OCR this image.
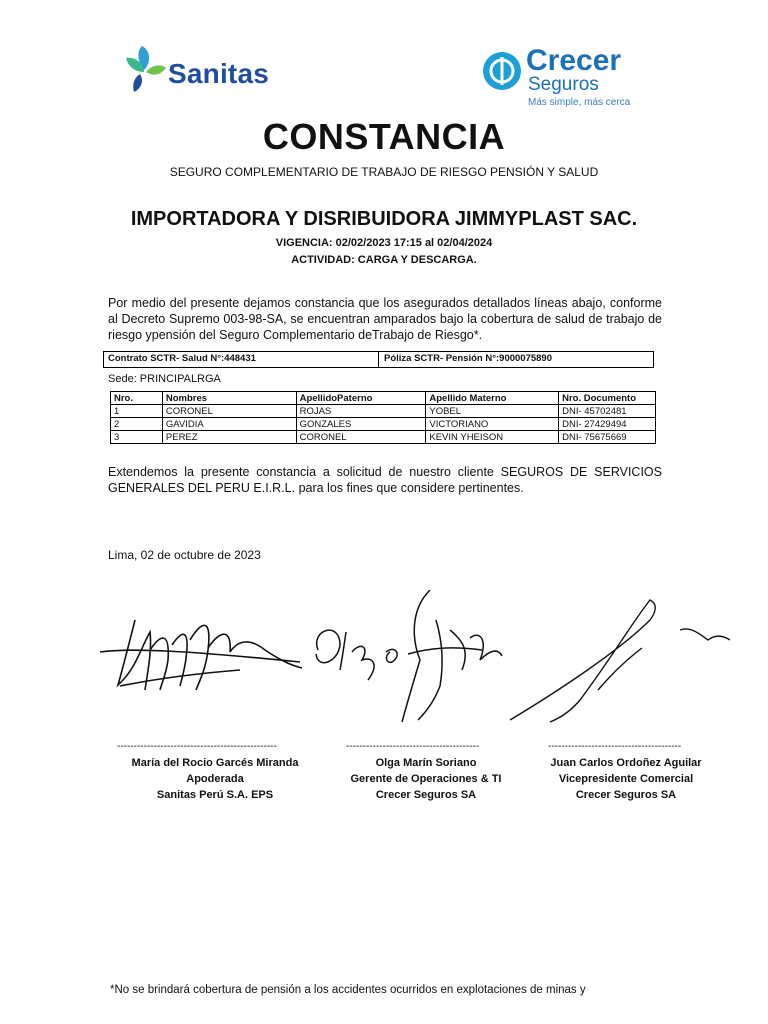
Sanitas	Crecer
Seguros
Más simple, más cerca
CONSTANCIA
SEGURO COMPLEMENTARIO DE TRABAJO DE RIESGO PENSIÓN Y SALUD
IMPORTADORA Y DISRIBUIDORA JIMMYPLAST SAC.
VIGENCIA: 02/02/2023 17:15 al 02/04/2024
ACTIVIDAD: CARGA Y DESCARGA.
Por medio del presente dejamos constancia que los asegurados detallados líneas abajo, conforme al Decreto Supremo 003-98-SA, se encuentran amparados bajo la cobertura de salud de trabajo de riesgo ypensión del Seguro Complementario deTrabajo de Riesgo*.
Contrato SCTR- Salud N°:448431	Póliza SCTR- Pensión N°:9000075890
Sede: PRINCIPALRGA
Nro.	Nombres	ApellidoPaterno	Apellido Materno	Nro. Documento
1	CORONEL	ROJAS	YOBEL	DNI- 45702481
2	GAVIDIA	GONZALES	VICTORIANO	DNI- 27429494
3	PEREZ	CORONEL	KEVIN YHEISON	DNI- 75675669
Extendemos la presente constancia a solicitud de nuestro cliente SEGUROS DE SERVICIOS GENERALES DEL PERU E.I.R.L. para los fines que considere pertinentes.
Lima, 02 de octubre de 2023
------------------------------------------------	----------------------------------------	----------------------------------------
María del Rocio Garcés Miranda
Apoderada
Sanitas Perú S.A. EPS
Olga Marín Soriano
Gerente de Operaciones & TI
Crecer Seguros SA
Juan Carlos Ordoñez Aguilar
Vicepresidente Comercial
Crecer Seguros SA
*No se brindará cobertura de pensión a los accidentes ocurridos en explotaciones de minas y
